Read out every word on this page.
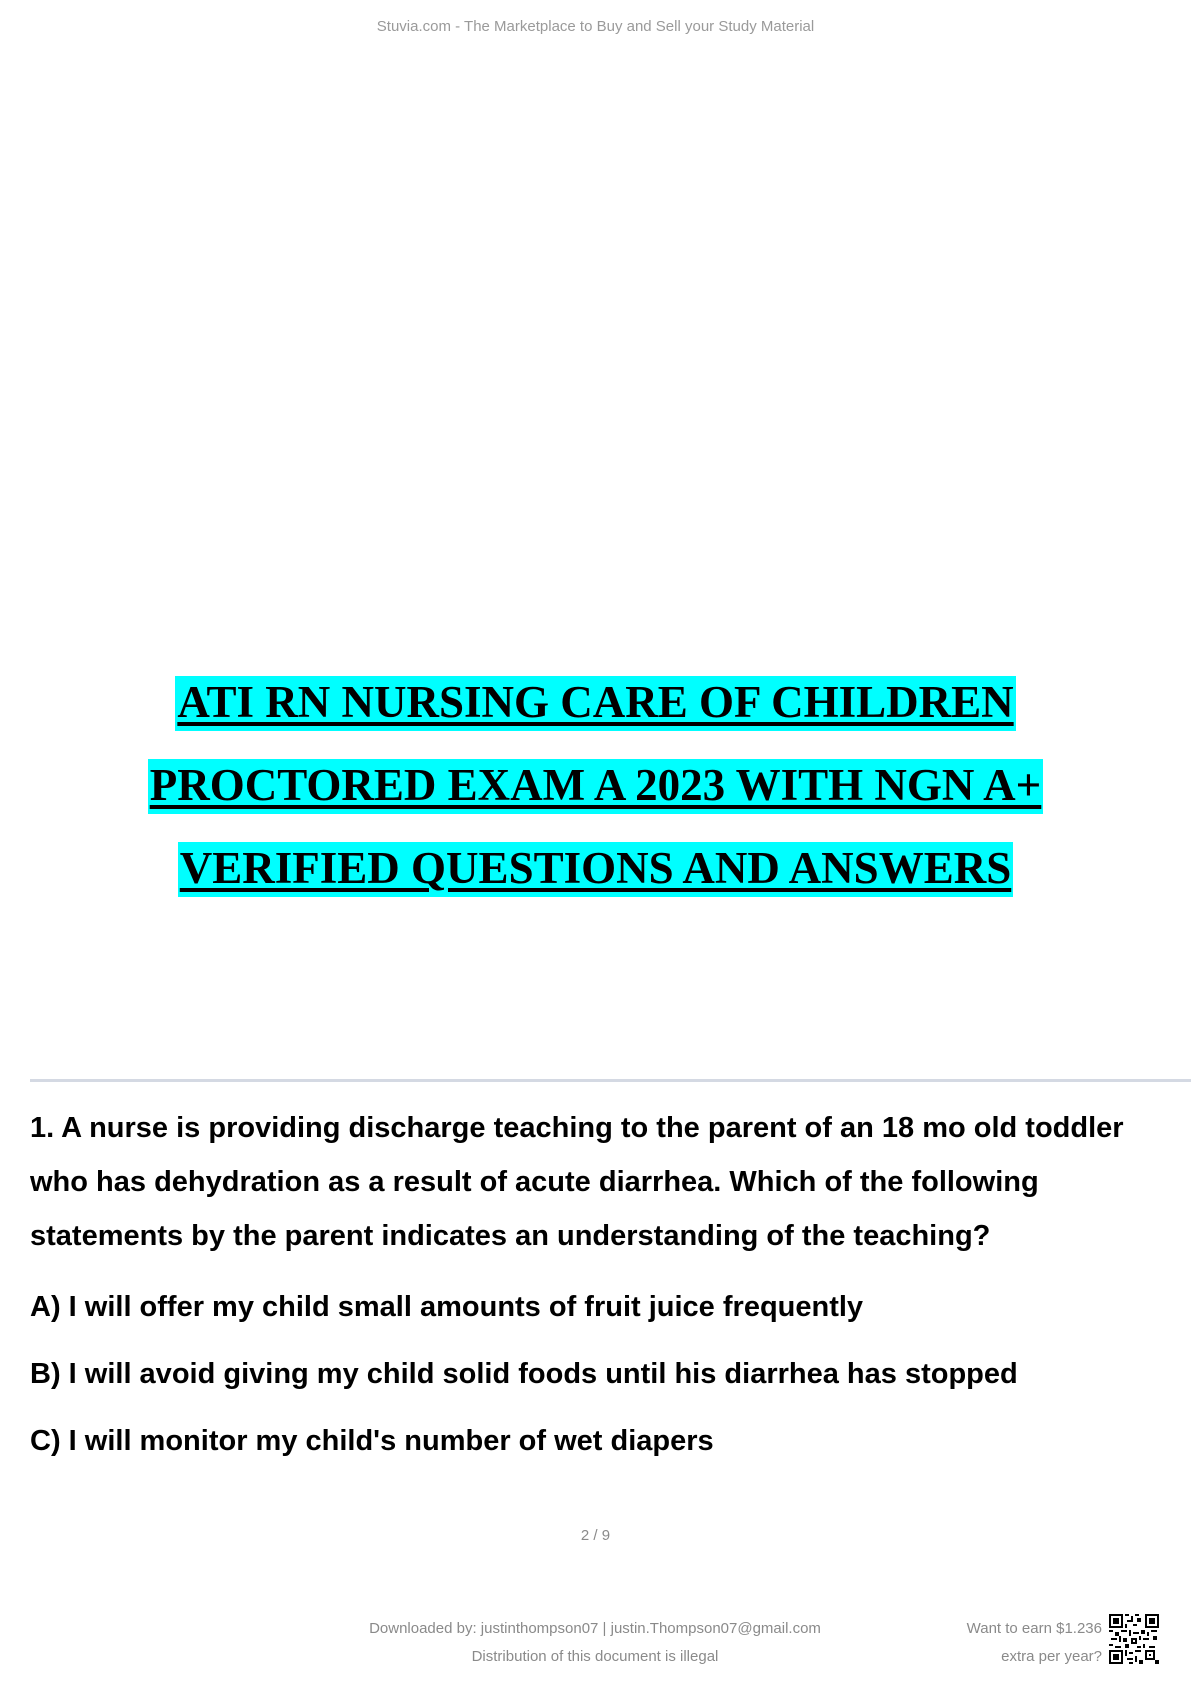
Stuvia.com - The Marketplace to Buy and Sell your Study Material
ATI RN NURSING CARE OF CHILDREN
PROCTORED EXAM A 2023 WITH NGN A+
VERIFIED QUESTIONS AND ANSWERS
1. A nurse is providing discharge teaching to the parent of an 18 mo old toddler
who has dehydration as a result of acute diarrhea. Which of the following
statements by the parent indicates an understanding of the teaching?
A) I will offer my child small amounts of fruit juice frequently
B) I will avoid giving my child solid foods until his diarrhea has stopped
C) I will monitor my child's number of wet diapers
2 / 9
Downloaded by: justinthompson07 | justin.Thompson07@gmail.com
Distribution of this document is illegal
Want to earn $1.236
extra per year?
